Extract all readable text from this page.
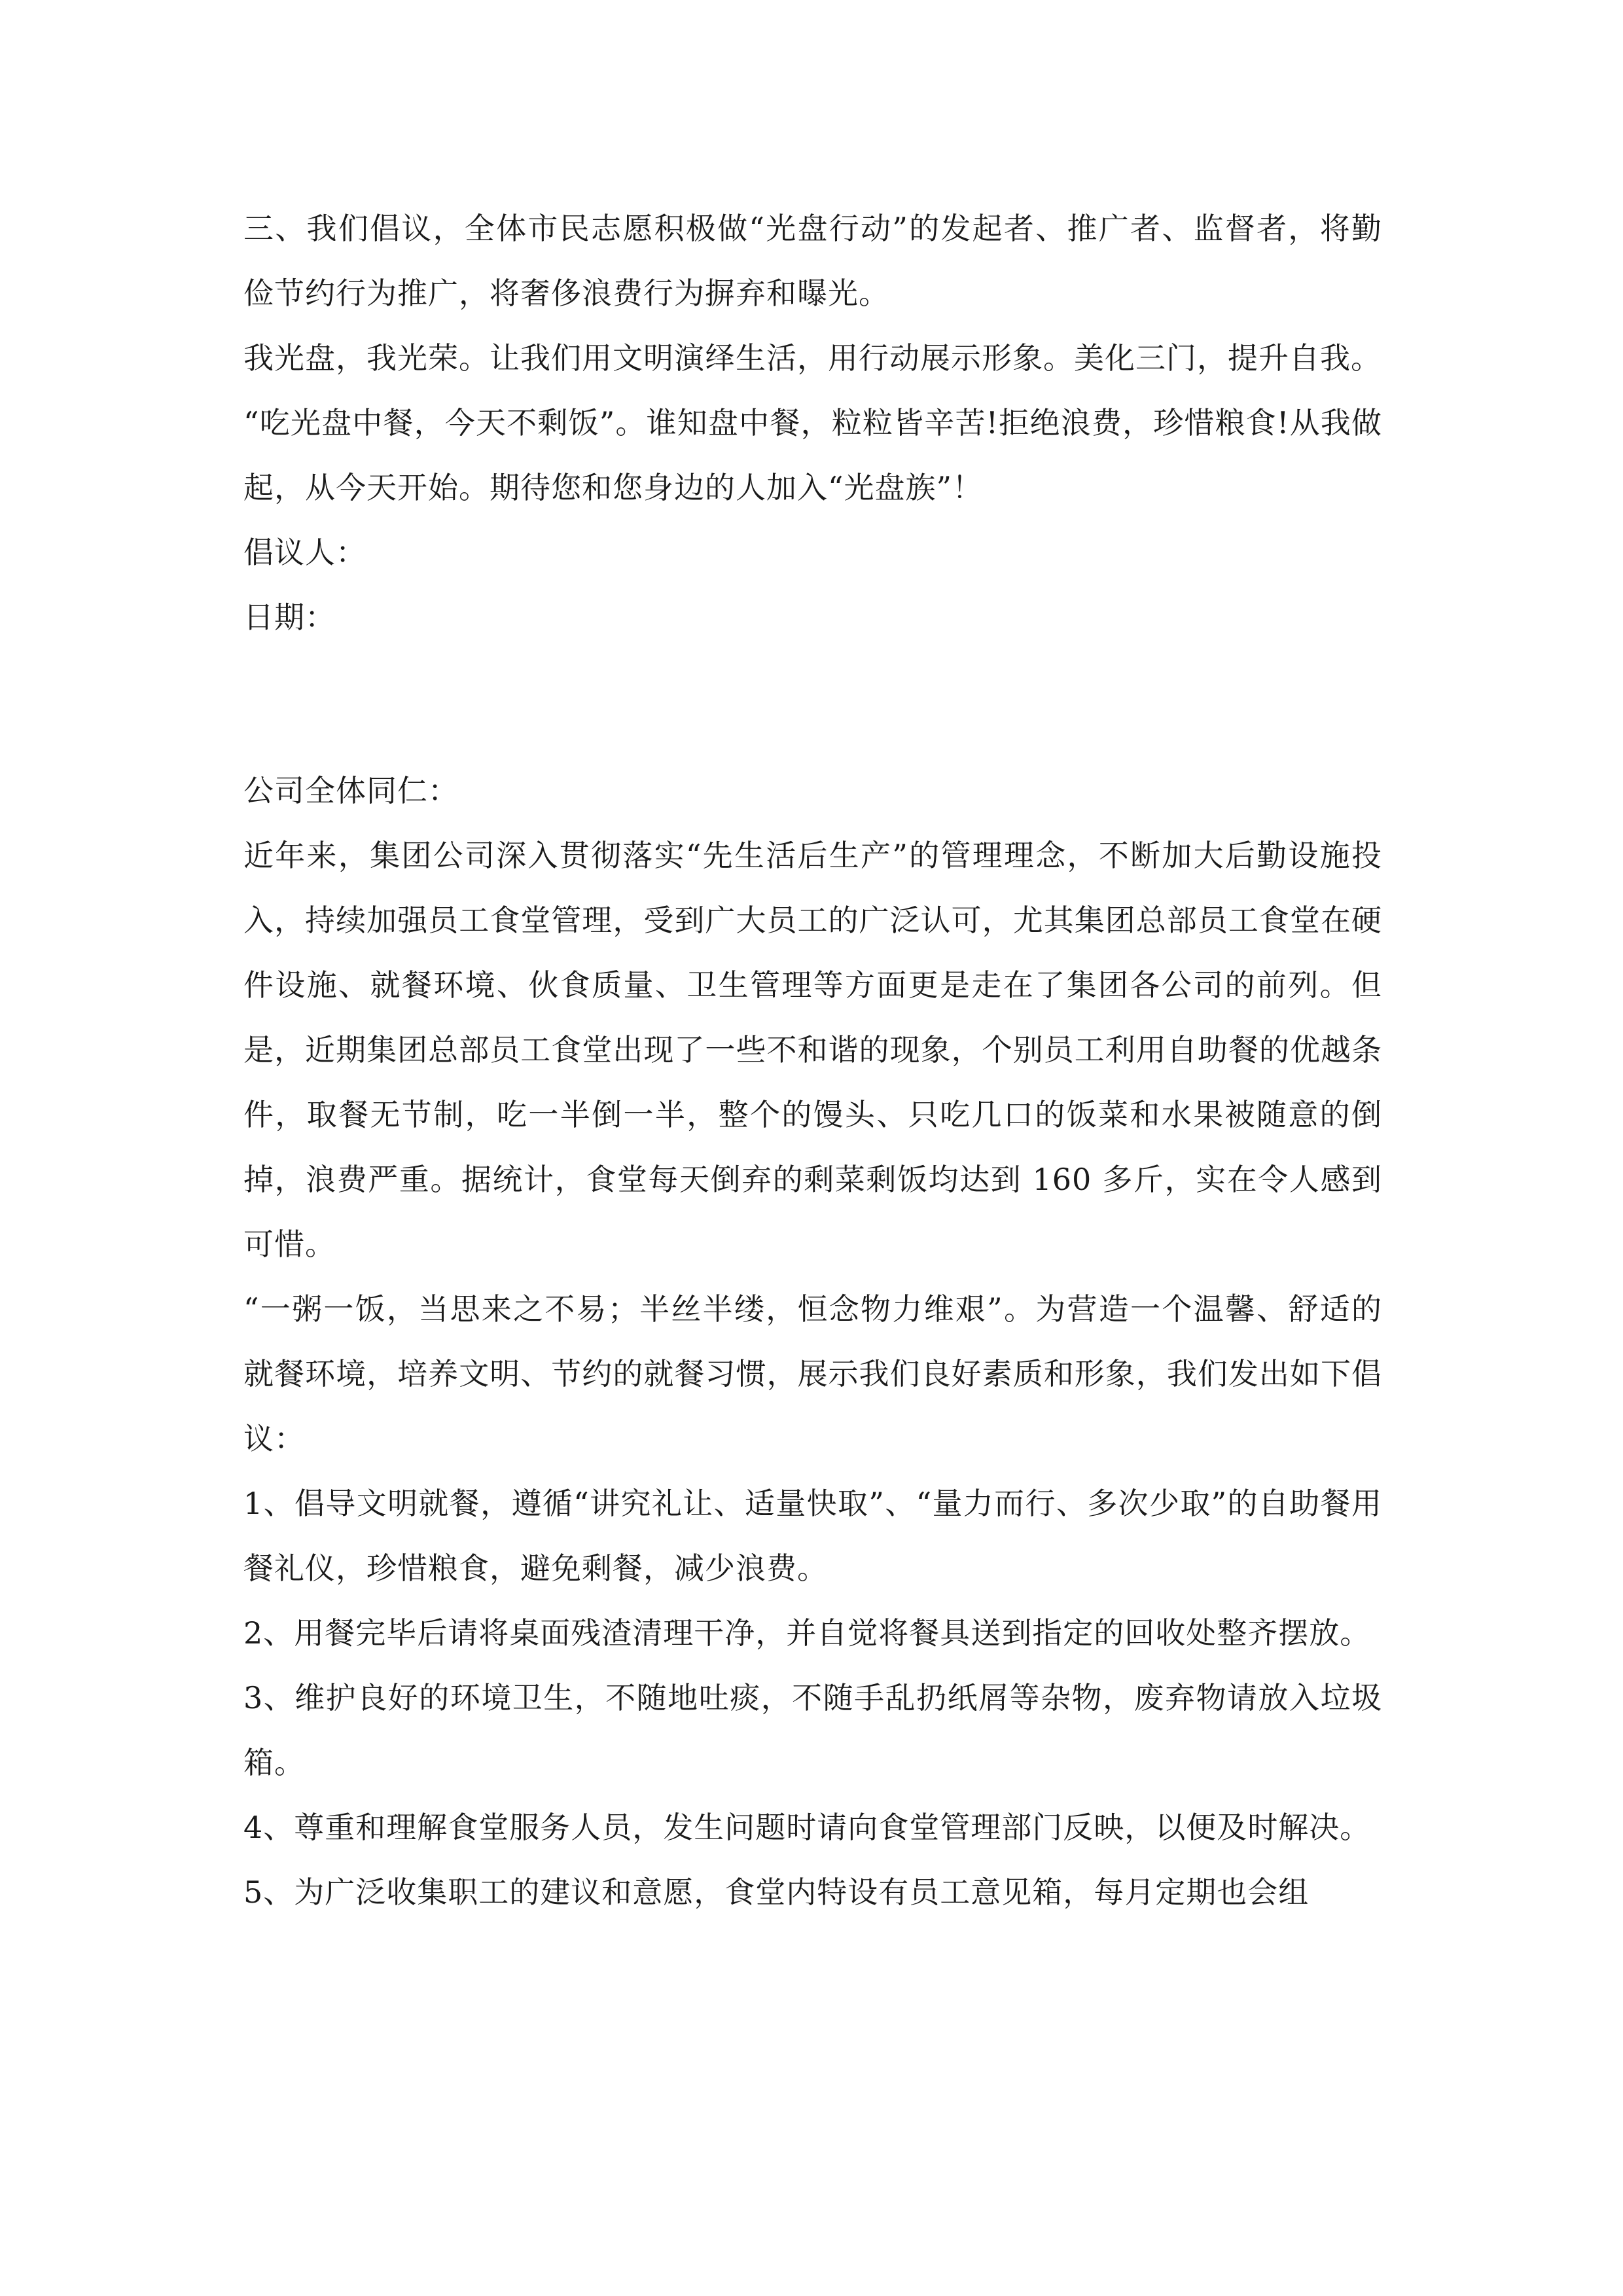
三、我们倡议，全体市民志愿积极做“光盘行动”的发起者、推广者、监督者，将勤俭节约行为推广，将奢侈浪费行为摒弃和曝光。

我光盘，我光荣。让我们用文明演绎生活，用行动展示形象。美化三门，提升自我。

“吃光盘中餐，今天不剩饭”。谁知盘中餐，粒粒皆辛苦!拒绝浪费，珍惜粮食!从我做起，从今天开始。期待您和您身边的人加入“光盘族”！

倡议人：

日期：

公司全体同仁：

近年来，集团公司深入贯彻落实“先生活后生产”的管理理念，不断加大后勤设施投入，持续加强员工食堂管理，受到广大员工的广泛认可，尤其集团总部员工食堂在硬件设施、就餐环境、伙食质量、卫生管理等方面更是走在了集团各公司的前列。但是，近期集团总部员工食堂出现了一些不和谐的现象，个别员工利用自助餐的优越条件，取餐无节制，吃一半倒一半，整个的馒头、只吃几口的饭菜和水果被随意的倒掉，浪费严重。据统计，食堂每天倒弃的剩菜剩饭均达到 160 多斤，实在令人感到可惜。

“一粥一饭，当思来之不易；半丝半缕，恒念物力维艰”。为营造一个温馨、舒适的就餐环境，培养文明、节约的就餐习惯，展示我们良好素质和形象，我们发出如下倡议：

1、倡导文明就餐，遵循“讲究礼让、适量快取”、“量力而行、多次少取”的自助餐用餐礼仪，珍惜粮食，避免剩餐，减少浪费。

2、用餐完毕后请将桌面残渣清理干净，并自觉将餐具送到指定的回收处整齐摆放。

3、维护良好的环境卫生，不随地吐痰，不随手乱扔纸屑等杂物，废弃物请放入垃圾箱。

4、尊重和理解食堂服务人员，发生问题时请向食堂管理部门反映，以便及时解决。

5、为广泛收集职工的建议和意愿，食堂内特设有员工意见箱，每月定期也会组
